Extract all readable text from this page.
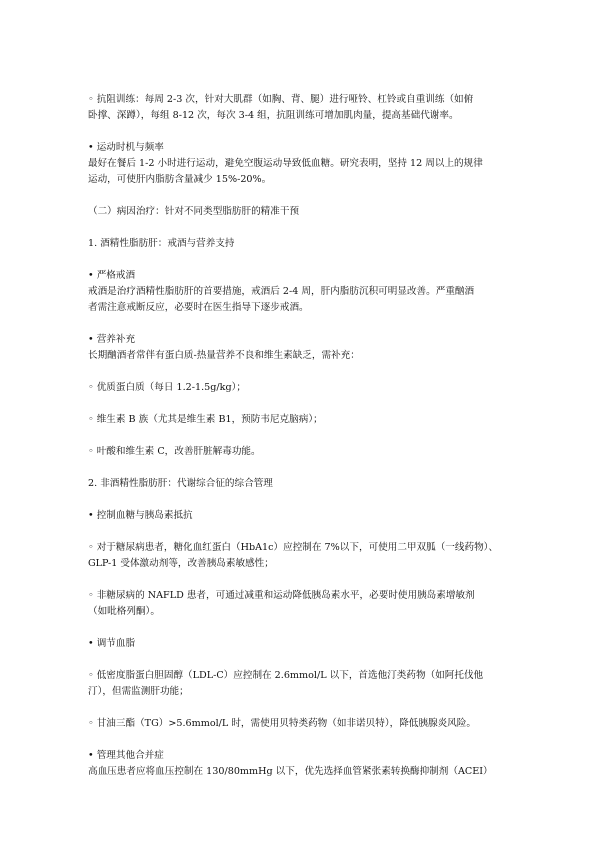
◦ 抗阻训练：每周 2-3 次，针对大肌群（如胸、背、腿）进行哑铃、杠铃或自重训练（如俯
卧撑、深蹲），每组 8-12 次，每次 3-4 组，抗阻训练可增加肌肉量，提高基础代谢率。

• 运动时机与频率
最好在餐后 1-2 小时进行运动，避免空腹运动导致低血糖。研究表明，坚持 12 周以上的规律
运动，可使肝内脂肪含量减少 15%-20%。

（二）病因治疗：针对不同类型脂肪肝的精准干预

1. 酒精性脂肪肝：戒酒与营养支持

• 严格戒酒
戒酒是治疗酒精性脂肪肝的首要措施，戒酒后 2-4 周，肝内脂肪沉积可明显改善。严重酗酒
者需注意戒断反应，必要时在医生指导下逐步戒酒。

• 营养补充
长期酗酒者常伴有蛋白质-热量营养不良和维生素缺乏，需补充：

◦ 优质蛋白质（每日 1.2-1.5g/kg）；

◦ 维生素 B 族（尤其是维生素 B1，预防韦尼克脑病）；

◦ 叶酸和维生素 C，改善肝脏解毒功能。

2. 非酒精性脂肪肝：代谢综合征的综合管理

• 控制血糖与胰岛素抵抗

◦ 对于糖尿病患者，糖化血红蛋白（HbA1c）应控制在 7%以下，可使用二甲双胍（一线药物）、
GLP-1 受体激动剂等，改善胰岛素敏感性；

◦ 非糖尿病的 NAFLD 患者，可通过减重和运动降低胰岛素水平，必要时使用胰岛素增敏剂
（如吡格列酮）。

• 调节血脂

◦ 低密度脂蛋白胆固醇（LDL-C）应控制在 2.6mmol/L 以下，首选他汀类药物（如阿托伐他
汀），但需监测肝功能；

◦ 甘油三酯（TG）>5.6mmol/L 时，需使用贝特类药物（如非诺贝特），降低胰腺炎风险。

• 管理其他合并症
高血压患者应将血压控制在 130/80mmHg 以下，优先选择血管紧张素转换酶抑制剂（ACEI）
